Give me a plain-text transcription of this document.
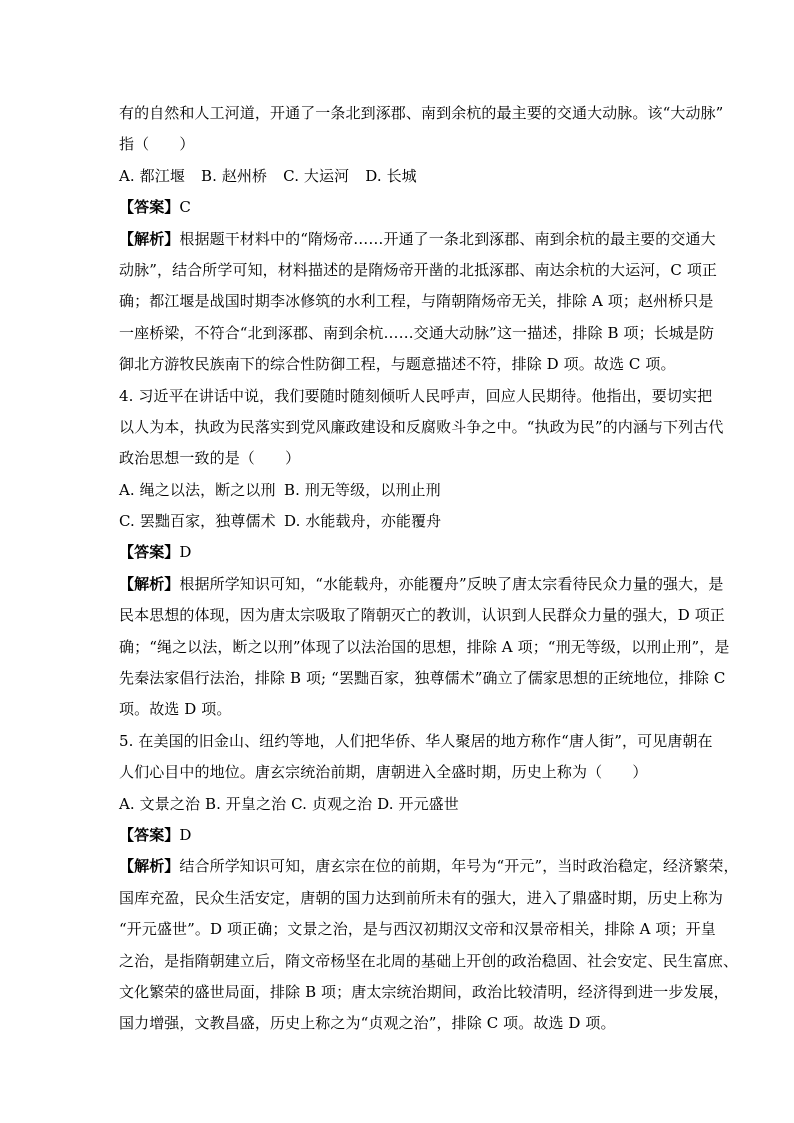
有的自然和人工河道，开通了一条北到涿郡、南到余杭的最主要的交通大动脉。该“大动脉”
指（　　）
A. 都江堰 B. 赵州桥 C. 大运河 D. 长城
【答案】C
【解析】根据题干材料中的“隋炀帝……开通了一条北到涿郡、南到余杭的最主要的交通大
动脉”，结合所学可知，材料描述的是隋炀帝开凿的北抵涿郡、南达余杭的大运河，C 项正
确；都江堰是战国时期李冰修筑的水利工程，与隋朝隋炀帝无关，排除 A 项；赵州桥只是
一座桥梁，不符合“北到涿郡、南到余杭……交通大动脉”这一描述，排除 B 项；长城是防
御北方游牧民族南下的综合性防御工程，与题意描述不符，排除 D 项。故选 C 项。
4. 习近平在讲话中说，我们要随时随刻倾听人民呼声，回应人民期待。他指出，要切实把
以人为本，执政为民落实到党风廉政建设和反腐败斗争之中。“执政为民”的内涵与下列古代
政治思想一致的是（　　）
A. 绳之以法，断之以刑 B. 刑无等级，以刑止刑
C. 罢黜百家，独尊儒术 D. 水能载舟，亦能覆舟
【答案】D
【解析】根据所学知识可知，“水能载舟，亦能覆舟”反映了唐太宗看待民众力量的强大，是
民本思想的体现，因为唐太宗吸取了隋朝灭亡的教训，认识到人民群众力量的强大，D 项正
确；“绳之以法，断之以刑”体现了以法治国的思想，排除 A 项；“刑无等级，以刑止刑”，是
先秦法家倡行法治，排除 B 项; “罢黜百家，独尊儒术”确立了儒家思想的正统地位，排除 C
项。故选 D 项。
5. 在美国的旧金山、纽约等地，人们把华侨、华人聚居的地方称作“唐人街”，可见唐朝在
人们心目中的地位。唐玄宗统治前期，唐朝进入全盛时期，历史上称为（　　）
A. 文景之治 B. 开皇之治 C. 贞观之治 D. 开元盛世
【答案】D
【解析】结合所学知识可知，唐玄宗在位的前期，年号为“开元”，当时政治稳定，经济繁荣，
国库充盈，民众生活安定，唐朝的国力达到前所未有的强大，进入了鼎盛时期，历史上称为
“开元盛世”。D 项正确；文景之治，是与西汉初期汉文帝和汉景帝相关，排除 A 项；开皇
之治，是指隋朝建立后，隋文帝杨坚在北周的基础上开创的政治稳固、社会安定、民生富庶、
文化繁荣的盛世局面，排除 B 项；唐太宗统治期间，政治比较清明，经济得到进一步发展，
国力增强，文教昌盛，历史上称之为“贞观之治”，排除 C 项。故选 D 项。
